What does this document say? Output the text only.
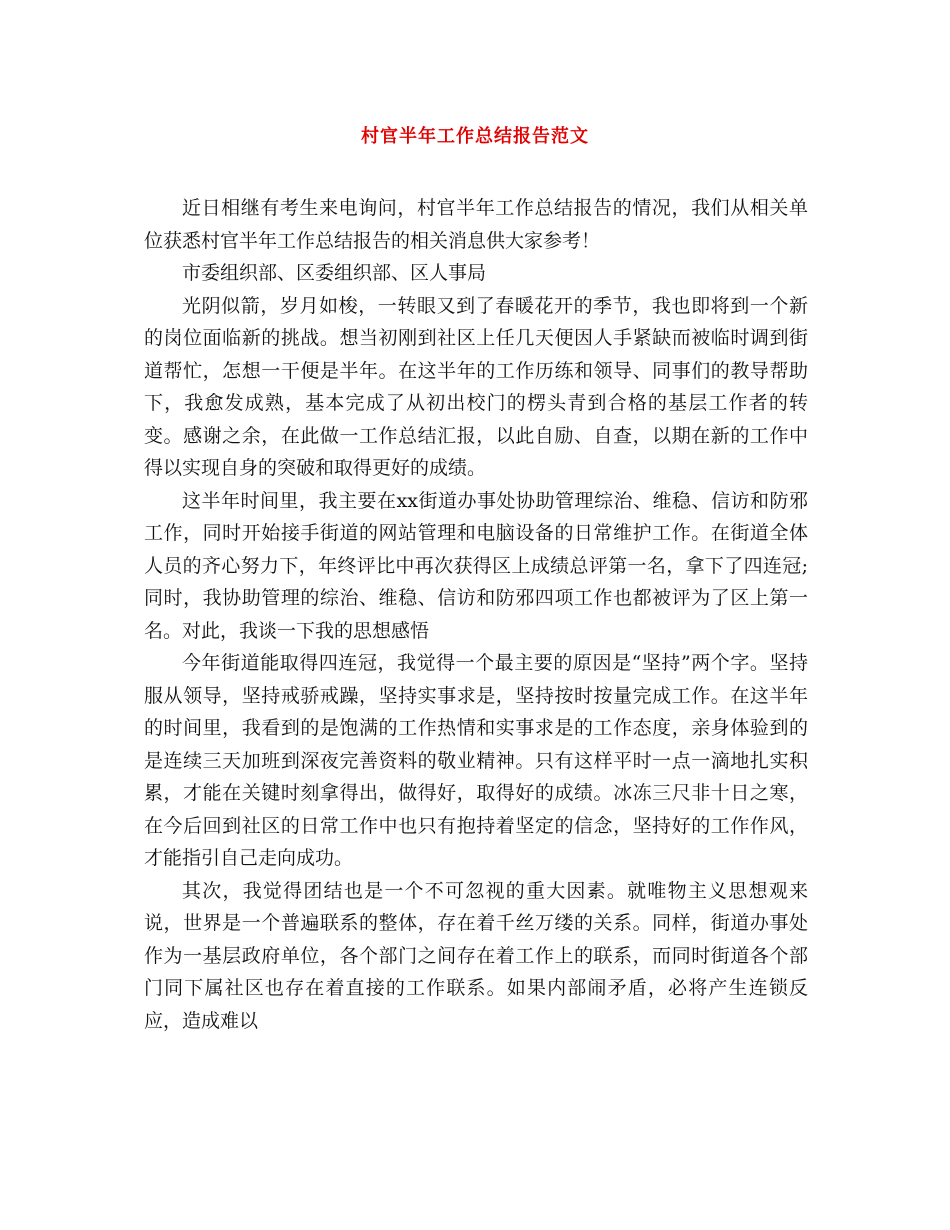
村官半年工作总结报告范文

近日相继有考生来电询问，村官半年工作总结报告的情况，我们从相关单位获悉村官半年工作总结报告的相关消息供大家参考！

市委组织部、区委组织部、区人事局

光阴似箭，岁月如梭，一转眼又到了春暖花开的季节，我也即将到一个新的岗位面临新的挑战。想当初刚到社区上任几天便因人手紧缺而被临时调到街道帮忙，怎想一干便是半年。在这半年的工作历练和领导、同事们的教导帮助下，我愈发成熟，基本完成了从初出校门的楞头青到合格的基层工作者的转变。感谢之余，在此做一工作总结汇报，以此自励、自查，以期在新的工作中得以实现自身的突破和取得更好的成绩。

这半年时间里，我主要在xx街道办事处协助管理综治、维稳、信访和防邪工作，同时开始接手街道的网站管理和电脑设备的日常维护工作。在街道全体人员的齐心努力下，年终评比中再次获得区上成绩总评第一名，拿下了四连冠;同时，我协助管理的综治、维稳、信访和防邪四项工作也都被评为了区上第一名。对此，我谈一下我的思想感悟

今年街道能取得四连冠，我觉得一个最主要的原因是“坚持”两个字。坚持服从领导，坚持戒骄戒躁，坚持实事求是，坚持按时按量完成工作。在这半年的时间里，我看到的是饱满的工作热情和实事求是的工作态度，亲身体验到的是连续三天加班到深夜完善资料的敬业精神。只有这样平时一点一滴地扎实积累，才能在关键时刻拿得出，做得好，取得好的成绩。冰冻三尺非十日之寒，在今后回到社区的日常工作中也只有抱持着坚定的信念，坚持好的工作作风，才能指引自己走向成功。

其次，我觉得团结也是一个不可忽视的重大因素。就唯物主义思想观来说，世界是一个普遍联系的整体，存在着千丝万缕的关系。同样，街道办事处作为一基层政府单位，各个部门之间存在着工作上的联系，而同时街道各个部门同下属社区也存在着直接的工作联系。如果内部闹矛盾，必将产生连锁反应，造成难以
